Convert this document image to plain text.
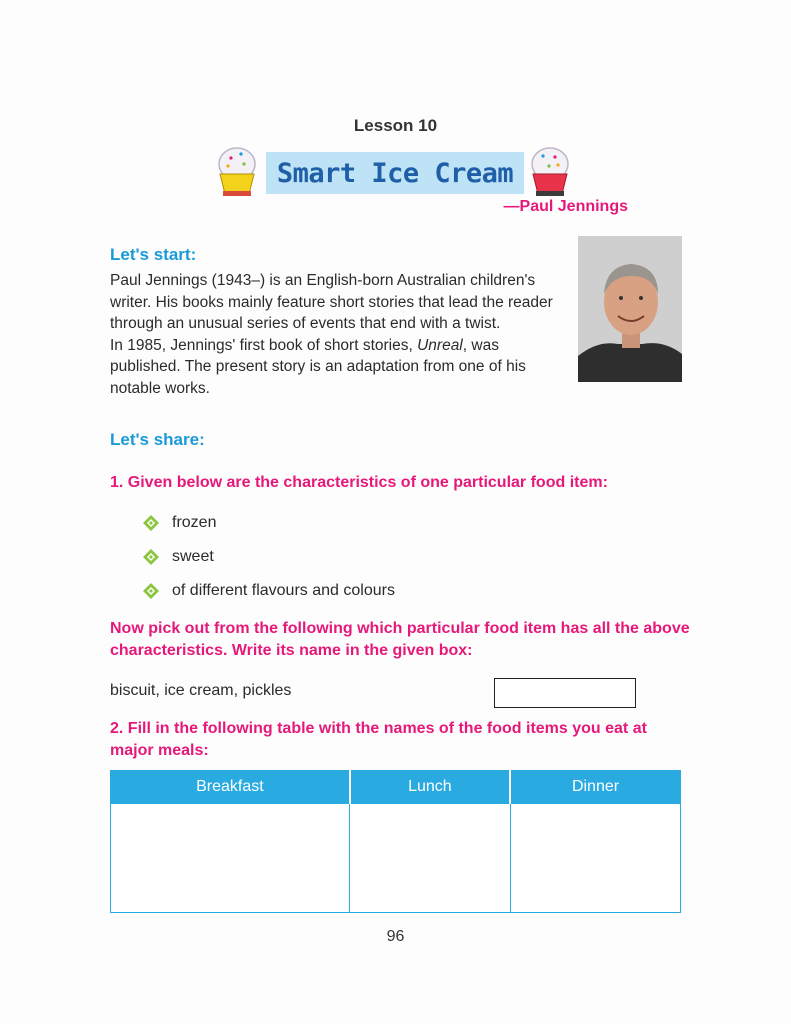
Lesson 10
Smart Ice Cream
—Paul Jennings
Let's start:

Paul Jennings (1943–) is an English-born Australian children's writer. His books mainly feature short stories that lead the reader through an unusual series of events that end with a twist.

In 1985, Jennings' first book of short stories, Unreal, was published. The present story is an adaptation from one of his notable works.

Let's share:
1. Given below are the characteristics of one particular food item:
frozen
sweet
of different flavours and colours
Now pick out from the following which particular food item has all the above characteristics. Write its name in the given box:
biscuit, ice cream, pickles
2. Fill in the following table with the names of the food items you eat at major meals:
Breakfast	Lunch	Dinner

96
